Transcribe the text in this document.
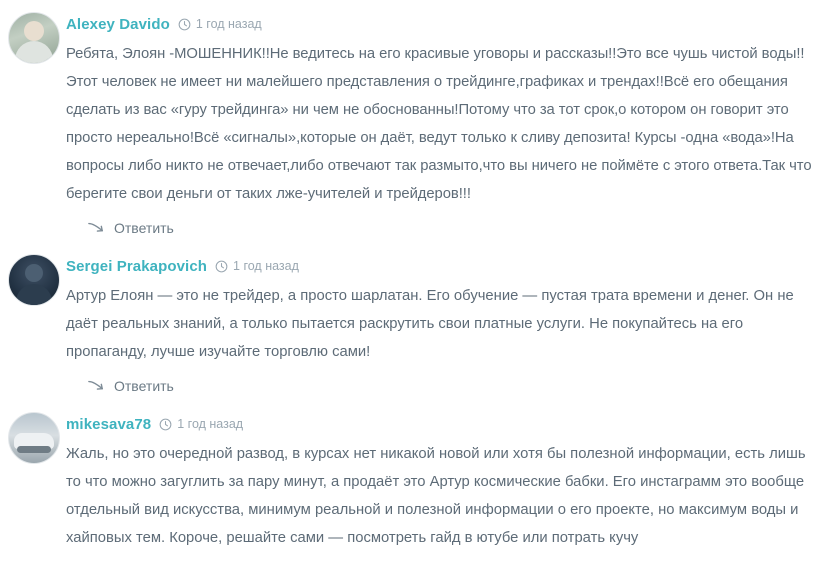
Alexey Davido 1 год назад

Ребята, Элоян -МОШЕННИК!!Не ведитесь на его красивые уговоры и рассказы!!Это все чушь чистой воды!!Этот человек не имеет ни малейшего представления о трейдинге,графиках и трендах!!Всё его обещания сделать из вас «гуру трейдинга» ни чем не обоснованны!Потому что за тот срок,о котором он говорит это просто нереально!Всё «сигналы»,которые он даёт, ведут только к сливу депозита! Курсы -одна «вода»!На вопросы либо никто не отвечает,либо отвечают так размыто,что вы ничего не поймёте с этого ответа.Так что берегите свои деньги от таких лже-учителей и трейдеров!!!

Ответить
Sergei Prakapovich 1 год назад

Артур Елоян — это не трейдер, а просто шарлатан. Его обучение — пустая трата времени и денег. Он не даёт реальных знаний, а только пытается раскрутить свои платные услуги. Не покупайтесь на его пропаганду, лучше изучайте торговлю сами!

Ответить
mikesava78 1 год назад

Жаль, но это очередной развод, в курсах нет никакой новой или хотя бы полезной информации, есть лишь то что можно загуглить за пару минут, а продаёт это Артур космические бабки. Его инстаграмм это вообще отдельный вид искусства, минимум реальной и полезной информации о его проекте, но максимум воды и хайповых тем. Короче, решайте сами — посмотреть гайд в ютубе или потрать кучу
